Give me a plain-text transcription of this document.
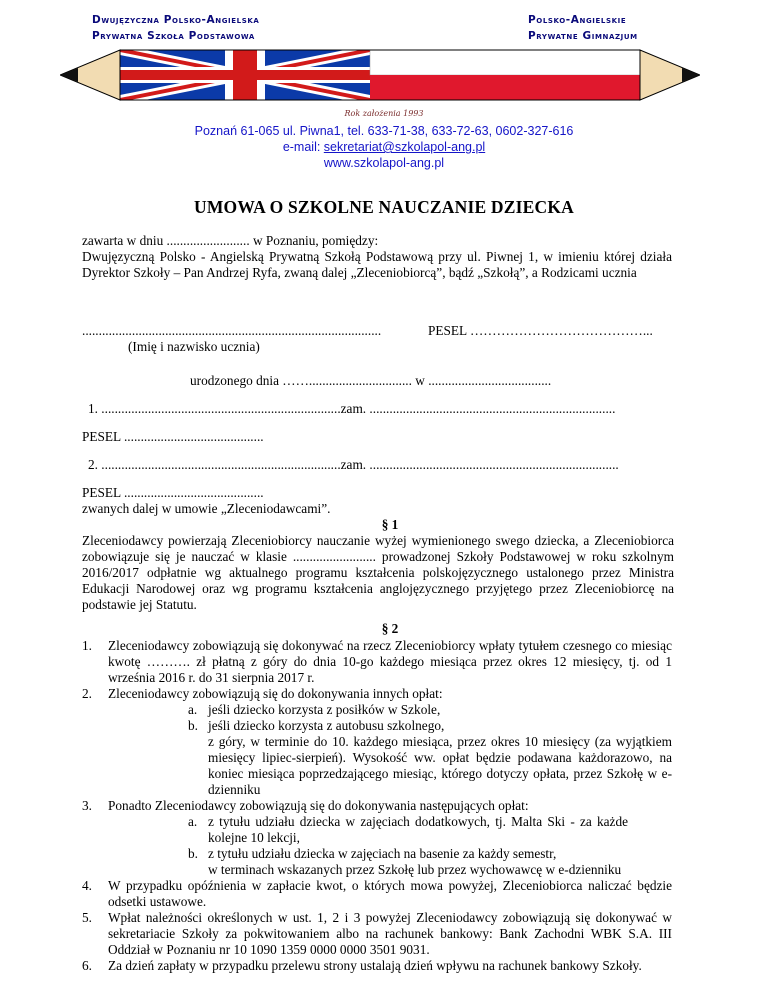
Dwujęzyczna Polsko-Angielska
Prywatna Szkoła Podstawowa
Polsko-Angielskie
Prywatne Gimnazjum
Rok założenia 1993
Poznań 61-065 ul. Piwna1, tel. 633-71-38, 633-72-63, 0602-327-616
e-mail: sekretariat@szkolapol-ang.pl
www.szkolapol-ang.pl
UMOWA O SZKOLNE NAUCZANIE DZIECKA
zawarta w dniu ......................... w Poznaniu, pomiędzy:
Dwujęzyczną Polsko - Angielską Prywatną Szkołą Podstawową przy ul. Piwnej 1, w imieniu której działa Dyrektor Szkoły – Pan Andrzej Ryfa, zwaną dalej „Zleceniobiorcą”, bądź „Szkołą”, a Rodzicami ucznia
..........................................................................................	PESEL …………………………………...
(Imię i nazwisko ucznia)
urodzonego dnia ……............................... w .....................................
1. ........................................................................zam. ..........................................................................
PESEL ..........................................
2. ........................................................................zam. ...........................................................................
PESEL ..........................................
zwanych dalej w umowie „Zleceniodawcami”.
§ 1
Zleceniodawcy powierzają Zleceniobiorcy nauczanie wyżej wymienionego swego dziecka, a Zleceniobiorca zobowiązuje się je nauczać w klasie ......................... prowadzonej Szkoły Podstawowej w roku szkolnym 2016/2017 odpłatnie wg aktualnego programu kształcenia polskojęzycznego ustalonego przez Ministra Edukacji Narodowej oraz wg programu kształcenia anglojęzycznego przyjętego przez Zleceniobiorcę na podstawie jej Statutu.
§ 2
1. Zleceniodawcy zobowiązują się dokonywać na rzecz Zleceniobiorcy wpłaty tytułem czesnego co miesiąc kwotę ………. zł płatną z góry do dnia 10-go każdego miesiąca przez okres 12 miesięcy, tj. od 1 września 2016 r. do 31 sierpnia 2017 r.
2. Zleceniodawcy zobowiązują się do dokonywania innych opłat:
a. jeśli dziecko korzysta z posiłków w Szkole,
b. jeśli dziecko korzysta z autobusu szkolnego,
z góry, w terminie do 10. każdego miesiąca, przez okres 10 miesięcy (za wyjątkiem miesięcy lipiec-sierpień). Wysokość ww. opłat będzie podawana każdorazowo, na koniec miesiąca poprzedzającego miesiąc, którego dotyczy opłata, przez Szkołę w e-dzienniku
3. Ponadto Zleceniodawcy zobowiązują się do dokonywania następujących opłat:
a. z tytułu udziału dziecka w zajęciach dodatkowych, tj. Malta Ski - za każde kolejne 10 lekcji,
b. z tytułu udziału dziecka w zajęciach na basenie za każdy semestr,
w terminach wskazanych przez Szkołę lub przez wychowawcę w e-dzienniku
4. W przypadku opóźnienia w zapłacie kwot, o których mowa powyżej, Zleceniobiorca naliczać będzie odsetki ustawowe.
5. Wpłat należności określonych w ust. 1, 2 i 3 powyżej Zleceniodawcy zobowiązują się dokonywać w sekretariacie Szkoły za pokwitowaniem albo na rachunek bankowy: Bank Zachodni WBK S.A. III Oddział w Poznaniu nr 10 1090 1359 0000 0000 3501 9031.
6. Za dzień zapłaty w przypadku przelewu strony ustalają dzień wpływu na rachunek bankowy Szkoły.
